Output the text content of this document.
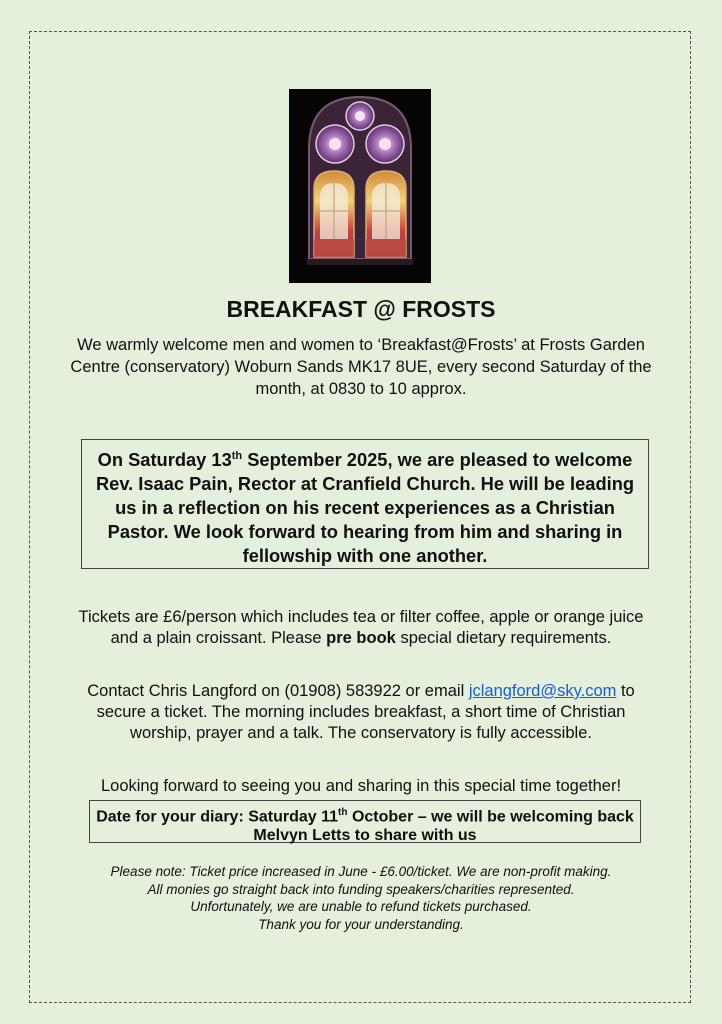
BREAKFAST @ FROSTS
We warmly welcome men and women to ‘Breakfast@Frosts’ at Frosts Garden Centre (conservatory) Woburn Sands MK17 8UE, every second Saturday of the month, at 0830 to 10 approx.
On Saturday 13th September 2025, we are pleased to welcome Rev. Isaac Pain, Rector at Cranfield Church. He will be leading us in a reflection on his recent experiences as a Christian Pastor. We look forward to hearing from him and sharing in fellowship with one another.
Tickets are £6/person which includes tea or filter coffee, apple or orange juice and a plain croissant. Please pre book special dietary requirements.
Contact Chris Langford on (01908) 583922 or email jclangford@sky.com to secure a ticket. The morning includes breakfast, a short time of Christian worship, prayer and a talk. The conservatory is fully accessible.
Looking forward to seeing you and sharing in this special time together!
Date for your diary: Saturday 11th October – we will be welcoming back Melvyn Letts to share with us
Please note: Ticket price increased in June - £6.00/ticket. We are non-profit making.
All monies go straight back into funding speakers/charities represented.
Unfortunately, we are unable to refund tickets purchased.
Thank you for your understanding.
